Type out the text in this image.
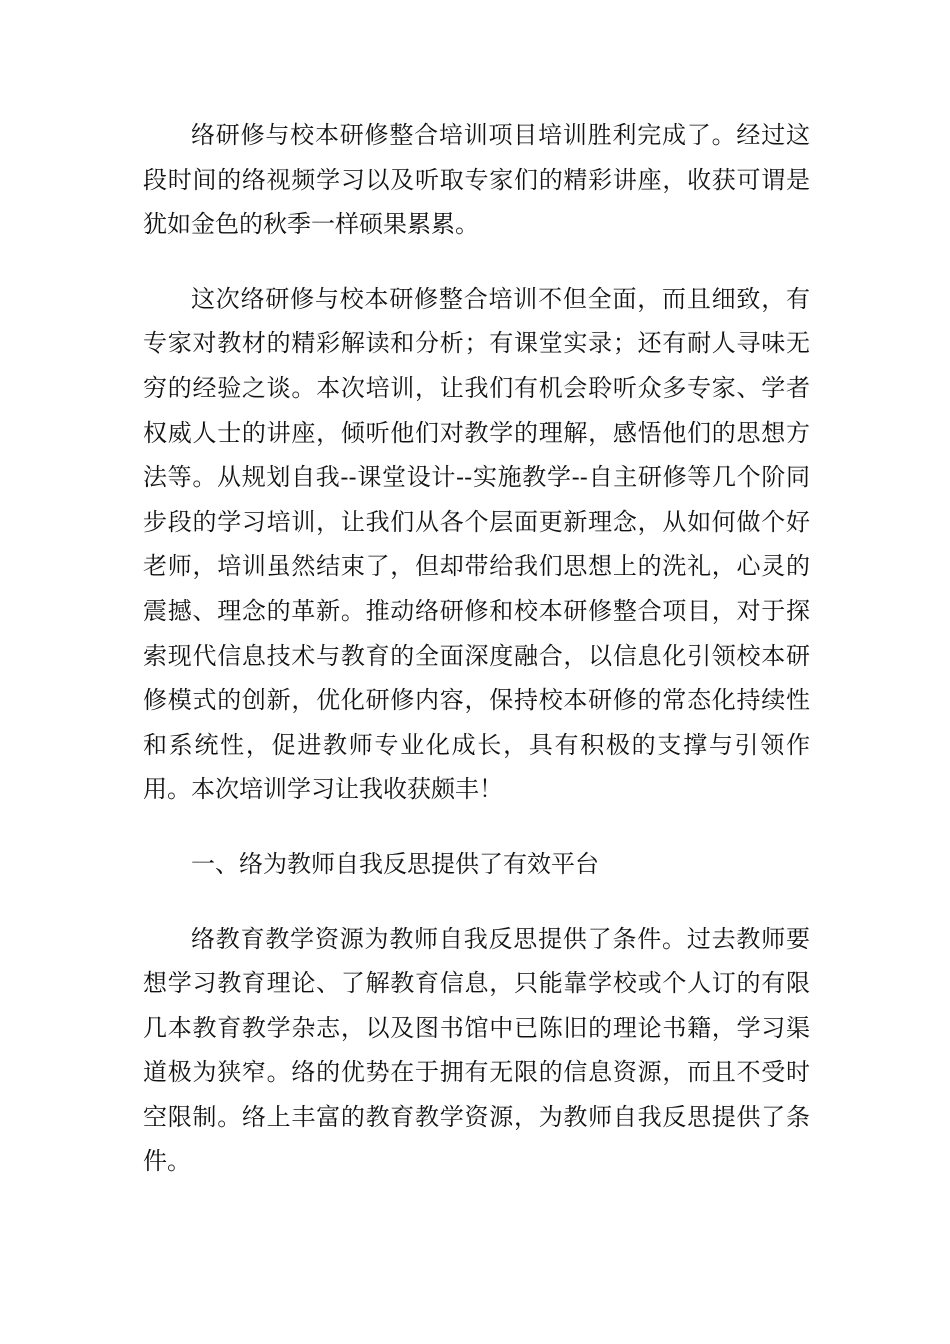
络研修与校本研修整合培训项目培训胜利完成了。经过这段时间的络视频学习以及听取专家们的精彩讲座，收获可谓是犹如金色的秋季一样硕果累累。

这次络研修与校本研修整合培训不但全面，而且细致，有专家对教材的精彩解读和分析；有课堂实录；还有耐人寻味无穷的经验之谈。本次培训，让我们有机会聆听众多专家、学者权威人士的讲座，倾听他们对教学的理解，感悟他们的思想方法等。从规划自我--课堂设计--实施教学--自主研修等几个阶同步段的学习培训，让我们从各个层面更新理念，从如何做个好老师，培训虽然结束了，但却带给我们思想上的洗礼，心灵的震撼、理念的革新。推动络研修和校本研修整合项目，对于探索现代信息技术与教育的全面深度融合，以信息化引领校本研修模式的创新，优化研修内容，保持校本研修的常态化持续性和系统性，促进教师专业化成长，具有积极的支撑与引领作用。本次培训学习让我收获颇丰！

一、络为教师自我反思提供了有效平台

络教育教学资源为教师自我反思提供了条件。过去教师要想学习教育理论、了解教育信息，只能靠学校或个人订的有限几本教育教学杂志，以及图书馆中已陈旧的理论书籍，学习渠道极为狭窄。络的优势在于拥有无限的信息资源，而且不受时空限制。络上丰富的教育教学资源，为教师自我反思提供了条件。
